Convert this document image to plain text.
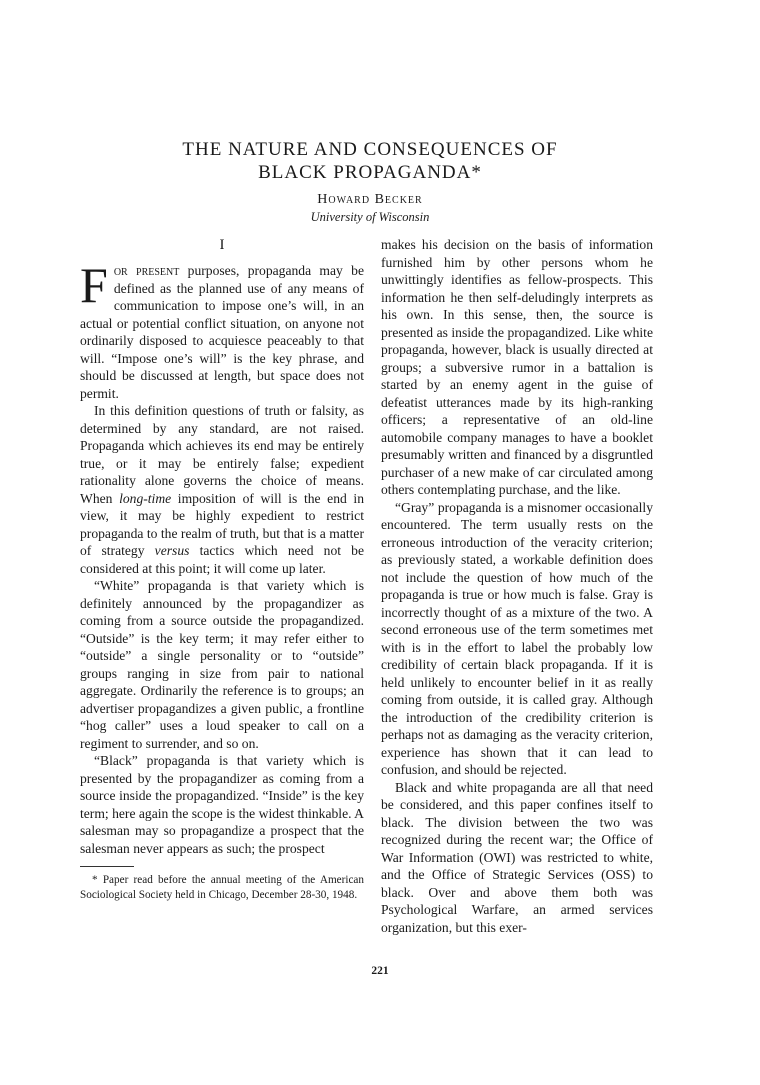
THE NATURE AND CONSEQUENCES OF
BLACK PROPAGANDA*
Howard Becker
University of Wisconsin
I

For present purposes, propaganda may be defined as the planned use of any means of communication to impose one’s will, in an actual or potential conflict situation, on anyone not ordinarily disposed to acquiesce peaceably to that will. “Impose one’s will” is the key phrase, and should be discussed at length, but space does not permit.

In this definition questions of truth or falsity, as determined by any standard, are not raised. Propaganda which achieves its end may be entirely true, or it may be entirely false; expedient rationality alone governs the choice of means. When long-time imposition of will is the end in view, it may be highly expedient to restrict propaganda to the realm of truth, but that is a matter of strategy versus tactics which need not be considered at this point; it will come up later.

“White” propaganda is that variety which is definitely announced by the propagandizer as coming from a source outside the propagandized. “Outside” is the key term; it may refer either to “outside” a single personality or to “outside” groups ranging in size from pair to national aggregate. Ordinarily the reference is to groups; an advertiser propagandizes a given public, a frontline “hog caller” uses a loud speaker to call on a regiment to surrender, and so on.

“Black” propaganda is that variety which is presented by the propagandizer as coming from a source inside the propagandized. “Inside” is the key term; here again the scope is the widest thinkable. A salesman may so propagandize a prospect that the salesman never appears as such; the prospect

* Paper read before the annual meeting of the American Sociological Society held in Chicago, December 28-30, 1948.

makes his decision on the basis of information furnished him by other persons whom he unwittingly identifies as fellow-prospects. This information he then self-deludingly interprets as his own. In this sense, then, the source is presented as inside the propagandized. Like white propaganda, however, black is usually directed at groups; a subversive rumor in a battalion is started by an enemy agent in the guise of defeatist utterances made by its high-ranking officers; a representative of an old-line automobile company manages to have a booklet presumably written and financed by a disgruntled purchaser of a new make of car circulated among others contemplating purchase, and the like.

“Gray” propaganda is a misnomer occasionally encountered. The term usually rests on the erroneous introduction of the veracity criterion; as previously stated, a workable definition does not include the question of how much of the propaganda is true or how much is false. Gray is incorrectly thought of as a mixture of the two. A second erroneous use of the term sometimes met with is in the effort to label the probably low credibility of certain black propaganda. If it is held unlikely to encounter belief in it as really coming from outside, it is called gray. Although the introduction of the credibility criterion is perhaps not as damaging as the veracity criterion, experience has shown that it can lead to confusion, and should be rejected.

Black and white propaganda are all that need be considered, and this paper confines itself to black. The division between the two was recognized during the recent war; the Office of War Information (OWI) was restricted to white, and the Office of Strategic Services (OSS) to black. Over and above them both was Psychological Warfare, an armed services organization, but this exer-

221
